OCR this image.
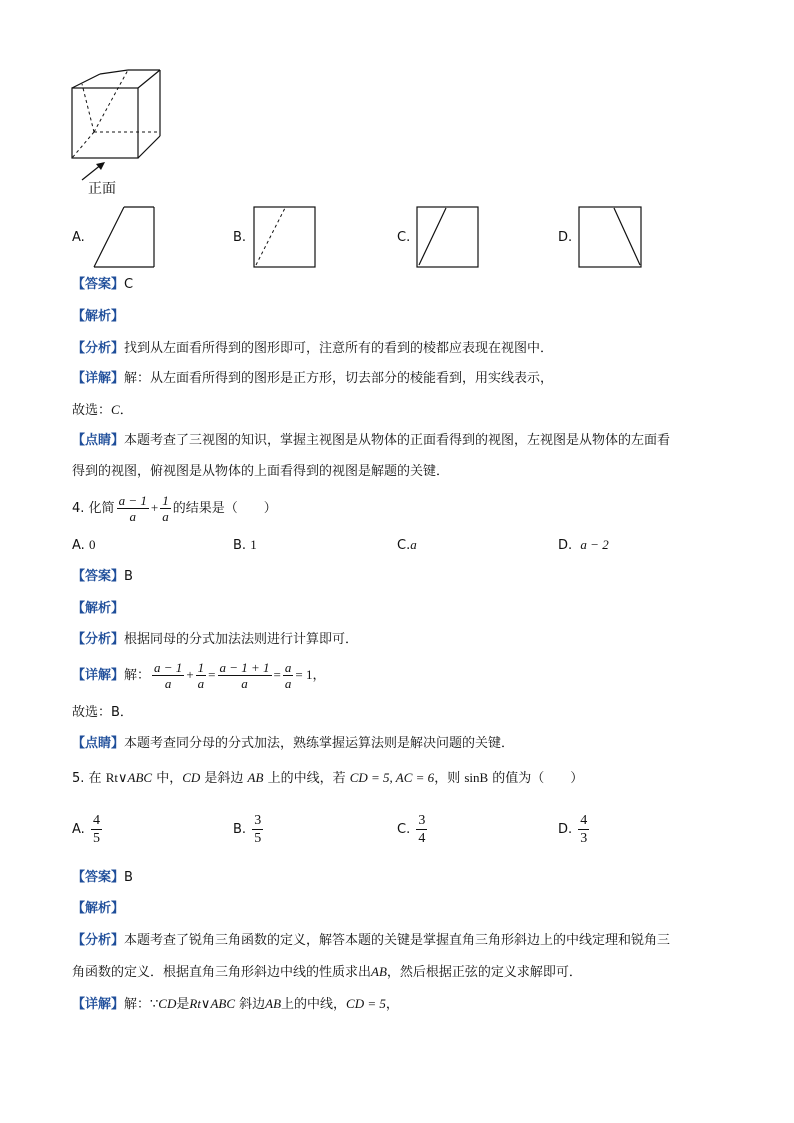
正面
A.	B.	C.	D.
【答案】C
【解析】
【分析】找到从左面看所得到的图形即可，注意所有的看到的棱都应表现在视图中．
【详解】解：从左面看所得到的图形是正方形，切去部分的棱能看到，用实线表示，
故选：C．
【点睛】本题考查了三视图的知识，掌握主视图是从物体的正面看得到的视图，左视图是从物体的左面看
得到的视图，俯视图是从物体的上面看得到的视图是解题的关键．
4. 化简 $\frac{a - 1}{a} + \frac{1}{a}$ 的结果是（　　）
A. 0	B. 1	C.a	D. a − 2
【答案】B
【解析】
【分析】根据同母的分式加法法则进行计算即可．
【详解】解： $\frac{a - 1}{a} + \frac{1}{a} = \frac{a - 1 + 1}{a} = \frac{a}{a} = 1$，
故选：B．
【点睛】本题考查同分母的分式加法，熟练掌握运算法则是解决问题的关键．
5. 在 Rt∨ABC 中，CD 是斜边 AB 上的中线，若 CD = 5, AC = 6，则 sinB 的值为（　　）
A. $\frac{4}{5}$	B. $\frac{3}{5}$	C. $\frac{3}{4}$	D. $\frac{4}{3}$
【答案】B
【解析】
【分析】本题考查了锐角三角函数的定义，解答本题的关键是掌握直角三角形斜边上的中线定理和锐角三
角函数的定义．根据直角三角形斜边中线的性质求出AB，然后根据正弦的定义求解即可．
【详解】解：∵CD是Rt∨ABC 斜边AB上的中线，CD = 5，
